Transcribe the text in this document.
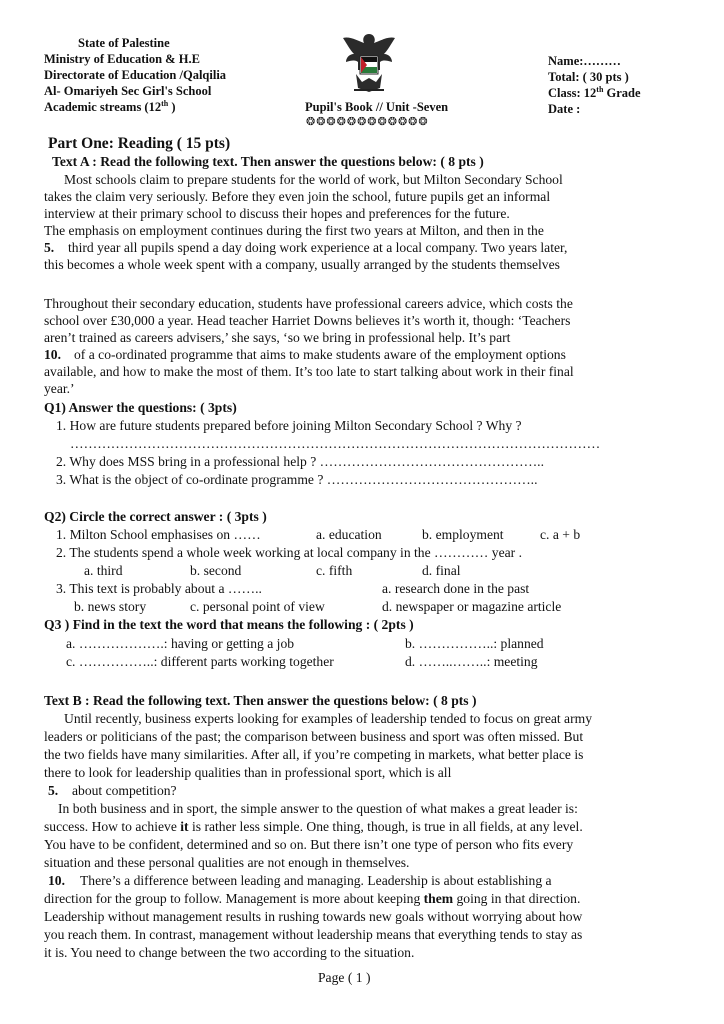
State of Palestine
Ministry of Education & H.E
Directorate of Education /Qalqilia
Al- Omariyeh Sec Girl's School
Academic streams (12th )	Pupil's Book // Unit -Seven
❂❂❂❂❂❂❂❂❂❂❂❂
Name:………
Total: ( 30 pts )
Class: 12th Grade
Date :
Part One: Reading ( 15 pts)
Text A : Read the following text. Then answer the questions below: ( 8 pts )
Most schools claim to prepare students for the world of work, but Milton Secondary School
takes the claim very seriously. Before they even join the school, future pupils get an informal
interview at their primary school to discuss their hopes and preferences for the future.
The emphasis on employment continues during the first two years at Milton, and then in the
5. third year all pupils spend a day doing work experience at a local company. Two years later,
this becomes a whole week spent with a company, usually arranged by the students themselves
Throughout their secondary education, students have professional careers advice, which costs the
school over £30,000 a year. Head teacher Harriet Downs believes it’s worth it, though: ‘Teachers
aren’t trained as careers advisers,’ she says, ‘so we bring in professional help. It’s part
10. of a co-ordinated programme that aims to make students aware of the employment options
available, and how to make the most of them. It’s too late to start talking about work in their final
year.’
Q1) Answer the questions: ( 3pts)
1. How are future students prepared before joining Milton Secondary School ? Why ?
………………………………………………………………………………………………………
2. Why does MSS bring in a professional help ? …………………………………………..
3. What is the object of co-ordinate programme ? ………………………………………..
Q2) Circle the correct answer : ( 3pts )
1. Milton School emphasises on ……	a. education	b. employment	c. a + b
2. The students spend a whole week working at local company in the ………… year .
a. third	b. second	c. fifth	d. final
3. This text is probably about a ……..	a. research done in the past
b. news story	c. personal point of view	d. newspaper or magazine article
Q3 ) Find in the text the word that means the following : ( 2pts )
a. ……………….: having or getting a job	b. ……………..: planned
c. ……………..: different parts working together	d. ……..……..: meeting
Text B : Read the following text. Then answer the questions below: ( 8 pts )
Until recently, business experts looking for examples of leadership tended to focus on great army
leaders or politicians of the past; the comparison between business and sport was often missed. But
the two fields have many similarities. After all, if you’re competing in markets, what better place is
there to look for leadership qualities than in professional sport, which is all
5. about competition?
In both business and in sport, the simple answer to the question of what makes a great leader is:
success. How to achieve it is rather less simple. One thing, though, is true in all fields, at any level.
You have to be confident, determined and so on. But there isn’t one type of person who fits every
situation and these personal qualities are not enough in themselves.
10. There’s a difference between leading and managing. Leadership is about establishing a
direction for the group to follow. Management is more about keeping them going in that direction.
Leadership without management results in rushing towards new goals without worrying about how
you reach them. In contrast, management without leadership means that everything tends to stay as
it is. You need to change between the two according to the situation.
Page ( 1 )
